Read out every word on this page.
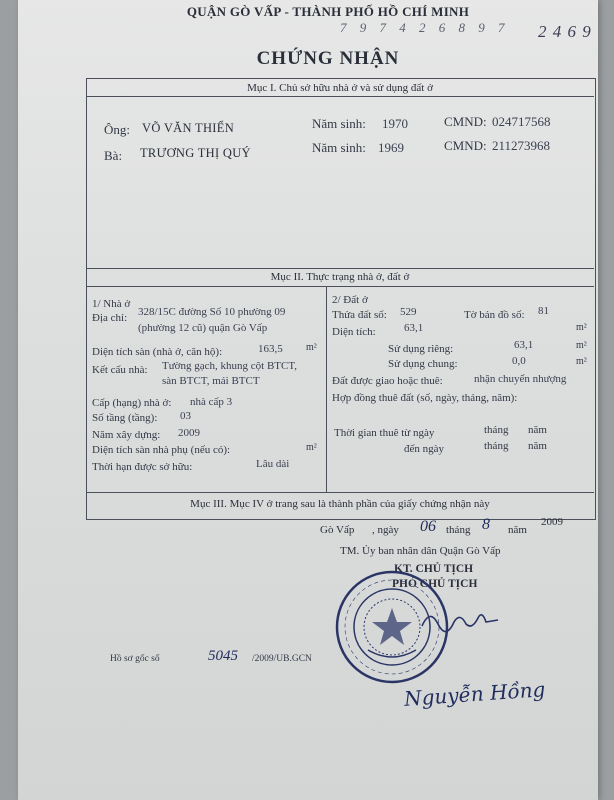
QUẬN GÒ VẤP - THÀNH PHỐ HỒ CHÍ MINH
7 9 7 4 2 6 8 9 7 2 4 6 9
CHỨNG NHẬN
Mục I. Chủ sở hữu nhà ở và sử dụng đất ở
Ông: VÕ VĂN THIỂN	Năm sinh: 1970	CMND: 024717568
Bà: TRƯƠNG THỊ QUÝ	Năm sinh: 1969	CMND: 211273968
Mục II. Thực trạng nhà ở, đất ở
1/ Nhà ở
Địa chỉ: 328/15C đường Số 10 phường 09
(phường 12 cũ) quận Gò Vấp
Diện tích sàn (nhà ở, căn hộ):	163,5 m²
Kết cấu nhà: Tường gạch, khung cột BTCT,
sàn BTCT, mái BTCT
Cấp (hạng) nhà ở: nhà cấp 3
Số tầng (tầng): 03
Năm xây dựng: 2009
Diện tích sàn nhà phụ (nếu có):	m²
Thời hạn được sở hữu:	Lâu dài
2/ Đất ở
Thửa đất số: 529	Tờ bản đồ số: 81
Diện tích:	63,1	m²
Sử dụng riêng:	63,1	m²
Sử dụng chung:	0,0	m²
Đất được giao hoặc thuê:	nhận chuyển nhượng
Hợp đồng thuê đất (số, ngày, tháng, năm):
Thời gian thuê từ ngày	tháng năm
đến ngày	tháng năm
Mục III. Mục IV ở trang sau là thành phần của giấy chứng nhận này
Gò Vấp , ngày 06 tháng 8 năm
2009
TM. Ủy ban nhân dân Quận Gò Vấp
KT. CHỦ TỊCH
PHÓ CHỦ TỊCH
Nguyễn Hồng
Hồ sơ gốc số	5045 /2009/UB.GCN
